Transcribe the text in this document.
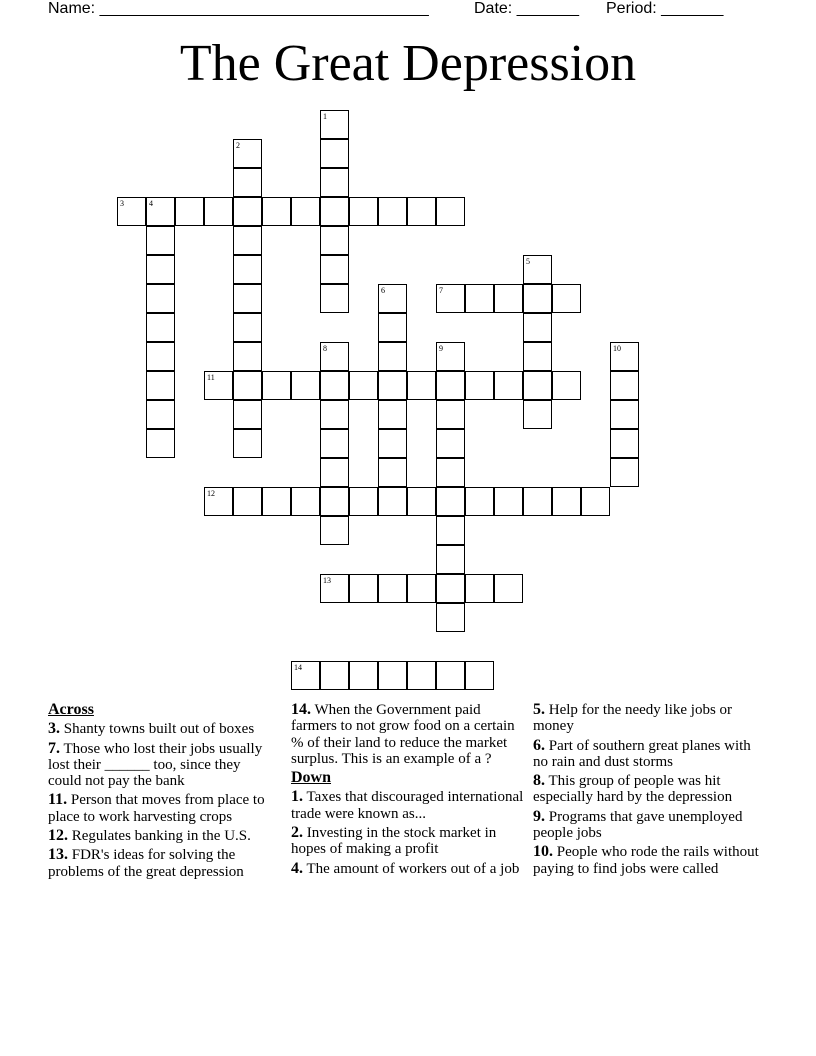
Name: _____________________________________	Date: _______ Period: _______
The Great Depression
1
2
3	4
5
6	7
8	9	10
11
12
13
14
Across
3. Shanty towns built out of boxes
7. Those who lost their jobs usually lost their ______ too, since they could not pay the bank
11. Person that moves from place to place to work harvesting crops
12. Regulates banking in the U.S.
13. FDR's ideas for solving the problems of the great depression
14. When the Government paid farmers to not grow food on a certain % of their land to reduce the market surplus. This is an example of a ?
Down
1. Taxes that discouraged international trade were known as...
2. Investing in the stock market in hopes of making a profit
4. The amount of workers out of a job
5. Help for the needy like jobs or money
6. Part of southern great planes with no rain and dust storms
8. This group of people was hit especially hard by the depression
9. Programs that gave unemployed people jobs
10. People who rode the rails without paying to find jobs were called
